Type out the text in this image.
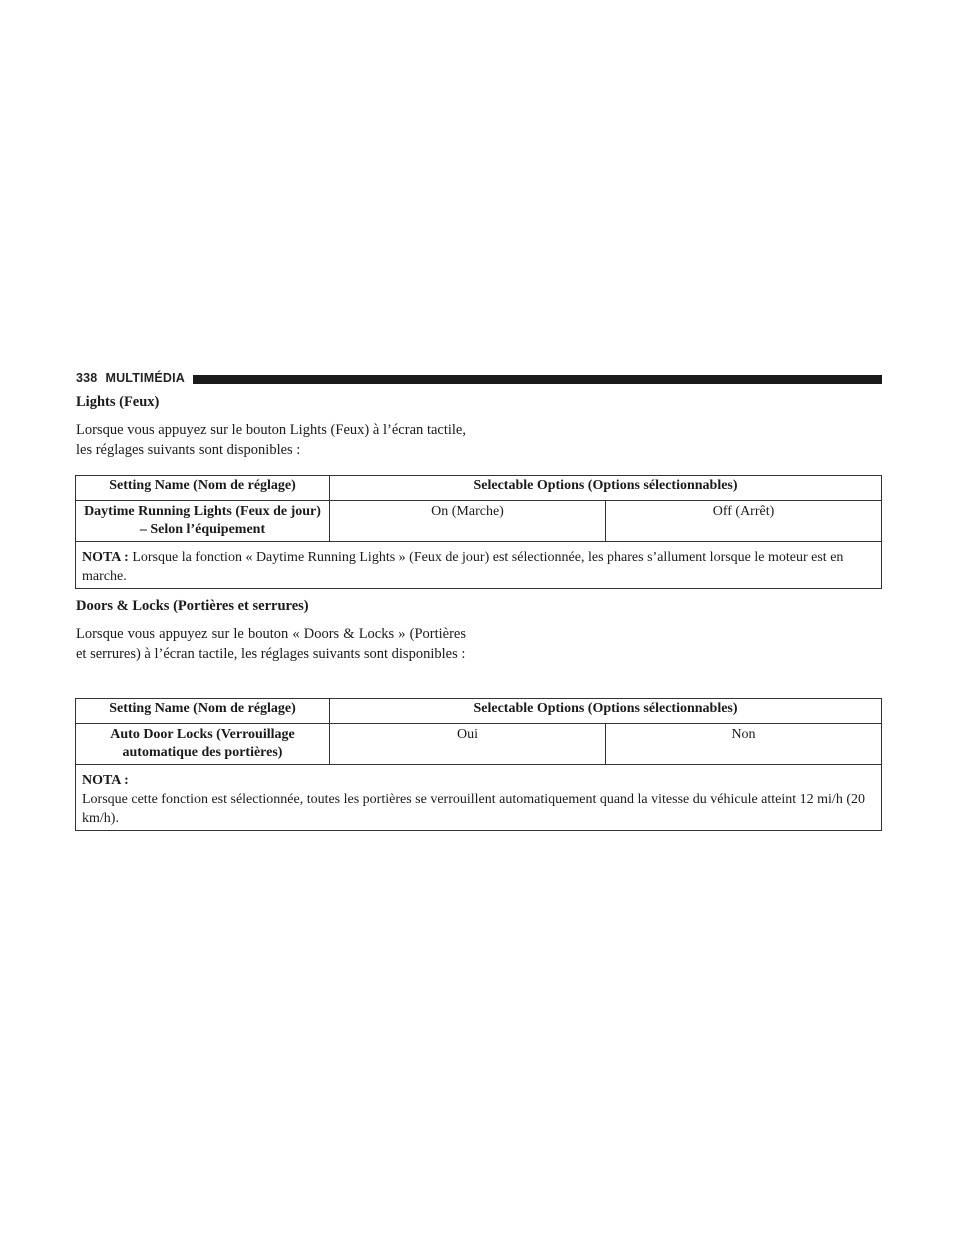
338 MULTIMÉDIA
Lights (Feux)

Lorsque vous appuyez sur le bouton Lights (Feux) à l’écran tactile, les réglages suivants sont disponibles :

Setting Name (Nom de réglage)	Selectable Options (Options sélectionnables)	
Daytime Running Lights (Feux de jour) – Selon l’équipement	On (Marche)	Off (Arrêt)
NOTA : Lorsque la fonction « Daytime Running Lights » (Feux de jour) est sélectionnée, les phares s’allument lorsque le moteur est en marche.		
Doors & Locks (Portières et serrures)

Lorsque vous appuyez sur le bouton « Doors & Locks » (Portières et serrures) à l’écran tactile, les réglages suivants sont disponibles :

Setting Name (Nom de réglage)	Selectable Options (Options sélectionnables)	
Auto Door Locks (Verrouillage automatique des portières)	Oui	Non

NOTA :
Lorsque cette fonction est sélectionnée, toutes les portières se verrouillent automatiquement quand la vitesse du véhicule atteint 12 mi/h (20 km/h).		
